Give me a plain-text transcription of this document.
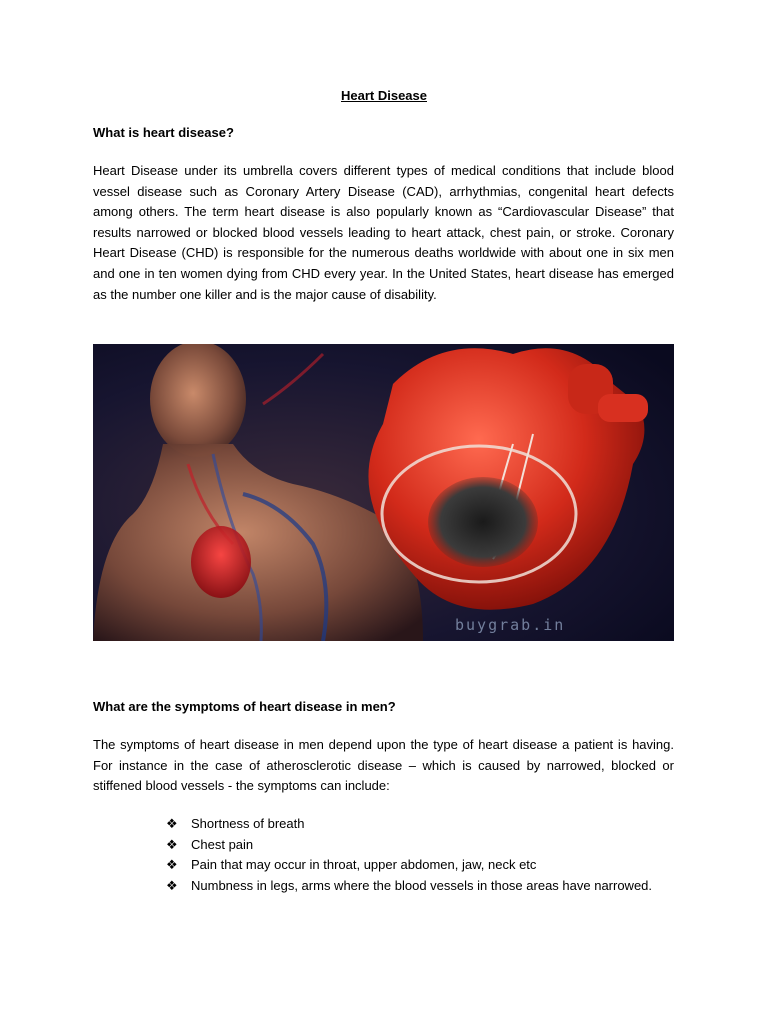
Heart Disease
What is heart disease?

Heart Disease under its umbrella covers different types of medical conditions that include blood vessel disease such as Coronary Artery Disease (CAD), arrhythmias, congenital heart defects among others. The term heart disease is also popularly known as “Cardiovascular Disease” that results narrowed or blocked blood vessels leading to heart attack, chest pain, or stroke. Coronary Heart Disease (CHD) is responsible for the numerous deaths worldwide with about one in six men and one in ten women dying from CHD every year. In the United States, heart disease has emerged as the number one killer and is the major cause of disability.

buygrab.in
What are the symptoms of heart disease in men?

The symptoms of heart disease in men depend upon the type of heart disease a patient is having. For instance in the case of atherosclerotic disease – which is caused by narrowed, blocked or stiffened blood vessels - the symptoms can include:

❖ Shortness of breath
❖ Chest pain
❖ Pain that may occur in throat, upper abdomen, jaw, neck etc
❖ Numbness in legs, arms where the blood vessels in those areas have narrowed.
